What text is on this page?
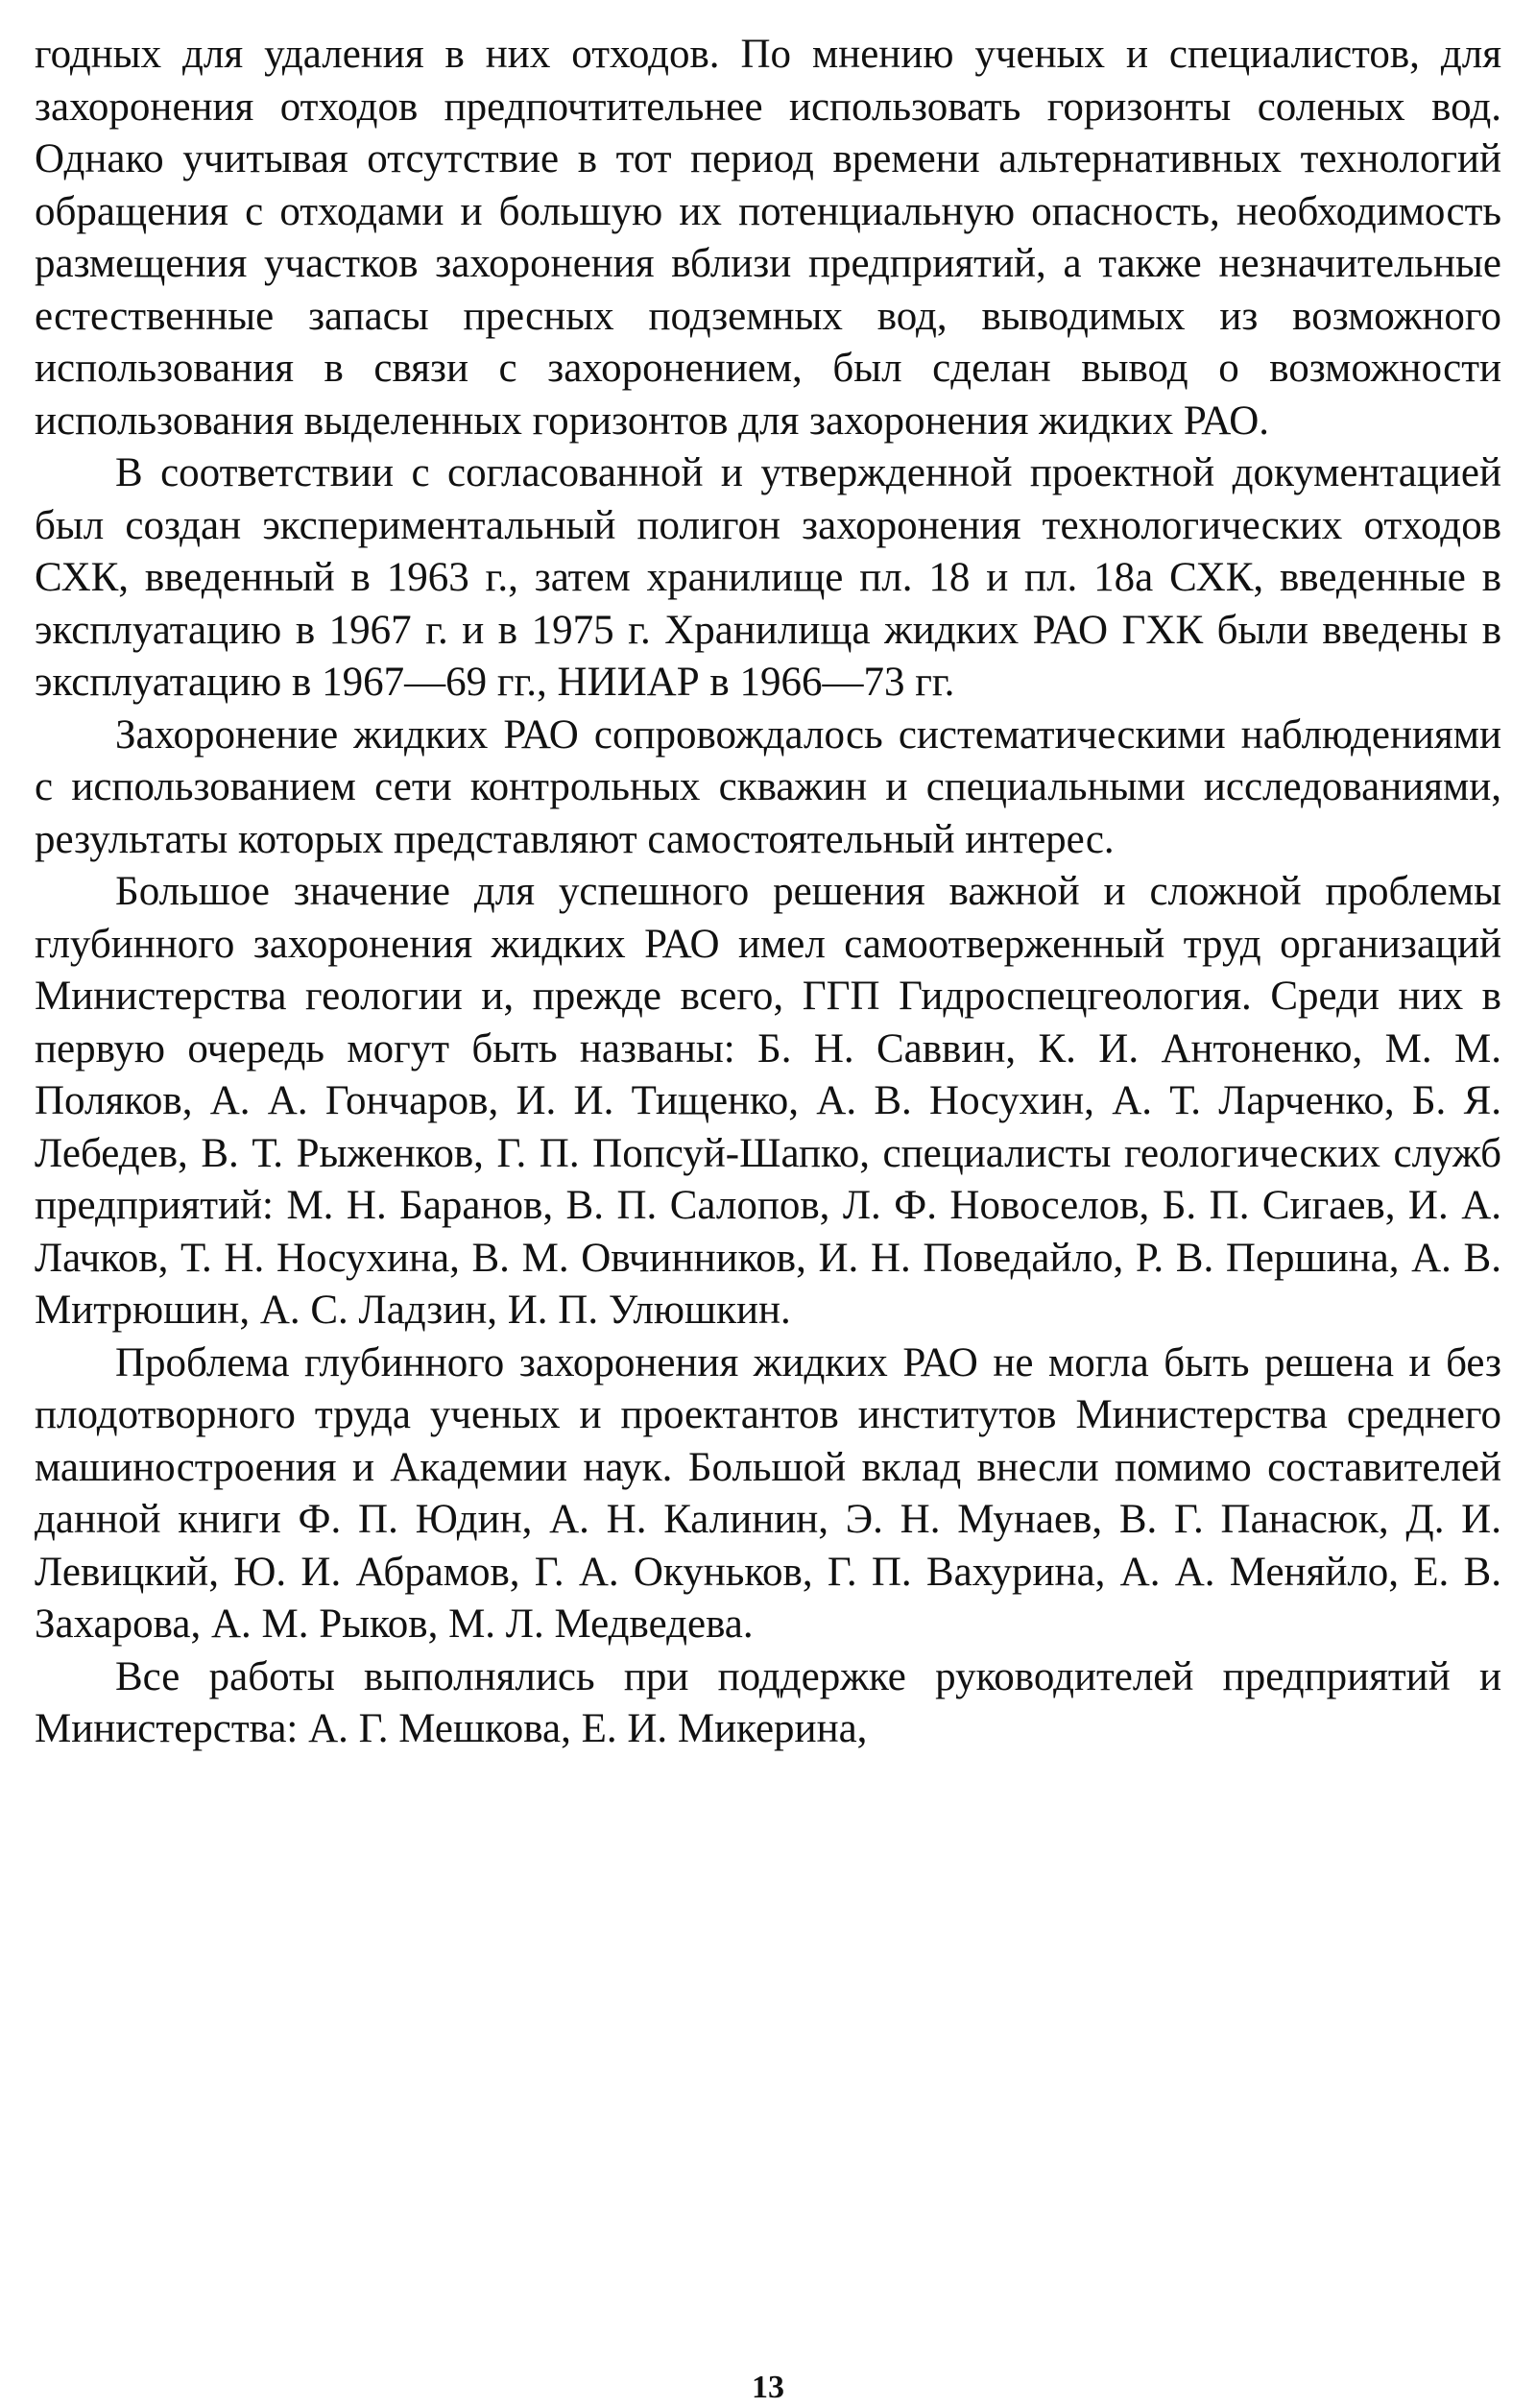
годных для удаления в них отходов. По мнению ученых и специалистов, для захоронения отходов предпочтительнее использовать горизонты соленых вод. Однако учитывая отсутствие в тот период времени альтернативных технологий обращения с отходами и большую их потенциальную опасность, необходимость размещения участков захоронения вблизи предприятий, а также незначительные естественные запасы пресных подземных вод, выводимых из возможного использования в связи с захоронением, был сделан вывод о возможности использования выделенных горизонтов для захоронения жидких РАО.

В соответствии с согласованной и утвержденной проектной документацией был создан экспериментальный полигон захоронения технологических отходов СХК, введенный в 1963 г., затем хранилище пл. 18 и пл. 18а СХК, введенные в эксплуатацию в 1967 г. и в 1975 г. Хранилища жидких РАО ГХК были введены в эксплуатацию в 1967—69 гг., НИИАР в 1966—73 гг.

Захоронение жидких РАО сопровождалось систематическими наблюдениями с использованием сети контрольных скважин и специальными исследованиями, результаты которых представляют самостоятельный интерес.

Большое значение для успешного решения важной и сложной проблемы глубинного захоронения жидких РАО имел самоотверженный труд организаций Министерства геологии и, прежде всего, ГГП Гидроспецгеология. Среди них в первую очередь могут быть названы: Б. Н. Саввин, К. И. Антоненко, М. М. Поляков, А. А. Гончаров, И. И. Тищенко, А. В. Носухин, А. Т. Ларченко, Б. Я. Лебедев, В. Т. Рыженков, Г. П. Попсуй-Шапко, специалисты геологических служб предприятий: М. Н. Баранов, В. П. Салопов, Л. Ф. Новоселов, Б. П. Сигаев, И. А. Лачков, Т. Н. Носухина, В. М. Овчинников, И. Н. Поведайло, Р. В. Першина, А. В. Митрюшин, А. С. Ладзин, И. П. Улюшкин.

Проблема глубинного захоронения жидких РАО не могла быть решена и без плодотворного труда ученых и проектантов институтов Министерства среднего машиностроения и Академии наук. Большой вклад внесли помимо составителей данной книги Ф. П. Юдин, А. Н. Калинин, Э. Н. Мунаев, В. Г. Панасюк, Д. И. Левицкий, Ю. И. Абрамов, Г. А. Окуньков, Г. П. Вахурина, А. А. Меняйло, Е. В. Захарова, А. М. Рыков, М. Л. Медведева.

Все работы выполнялись при поддержке руководителей предприятий и Министерства: А. Г. Мешкова, Е. И. Микерина,

13
